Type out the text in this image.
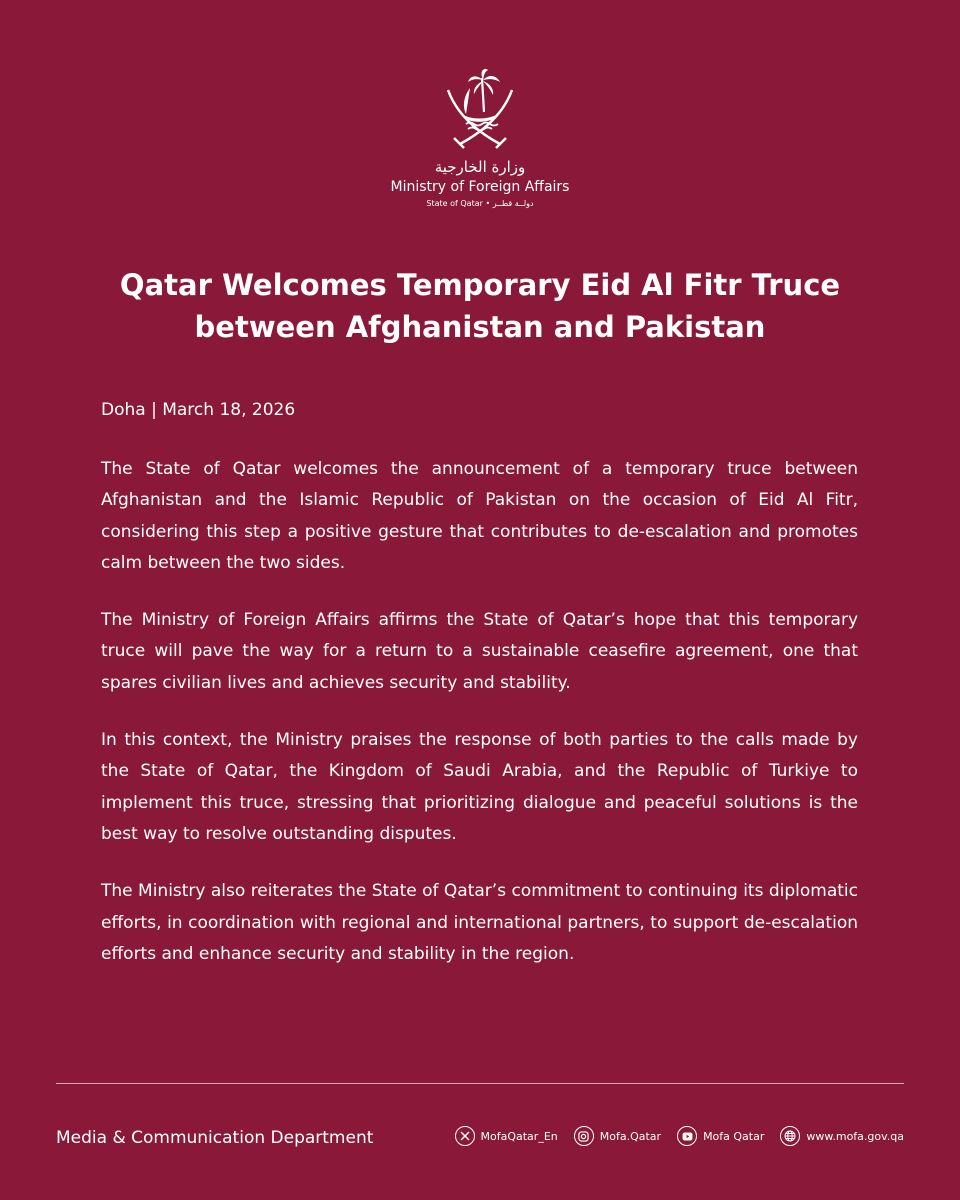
وزارة الخارجية
Ministry of Foreign Affairs
State of Qatar • دولــة قطــر
Qatar Welcomes Temporary Eid Al Fitr Truce
between Afghanistan and Pakistan
Doha | March 18, 2026

The State of Qatar welcomes the announcement of a temporary truce between Afghanistan and the Islamic Republic of Pakistan on the occasion of Eid Al Fitr, considering this step a positive gesture that contributes to de-escalation and promotes calm between the two sides.

The Ministry of Foreign Affairs affirms the State of Qatar’s hope that this temporary truce will pave the way for a return to a sustainable ceasefire agreement, one that spares civilian lives and achieves security and stability.

In this context, the Ministry praises the response of both parties to the calls made by the State of Qatar, the Kingdom of Saudi Arabia, and the Republic of Turkiye to implement this truce, stressing that prioritizing dialogue and peaceful solutions is the best way to resolve outstanding disputes.

The Ministry also reiterates the State of Qatar’s commitment to continuing its diplomatic efforts, in coordination with regional and international partners, to support de-escalation efforts and enhance security and stability in the region.

Media & Communication Department	MofaQatar_En	Mofa.Qatar	Mofa Qatar	www.mofa.gov.qa
